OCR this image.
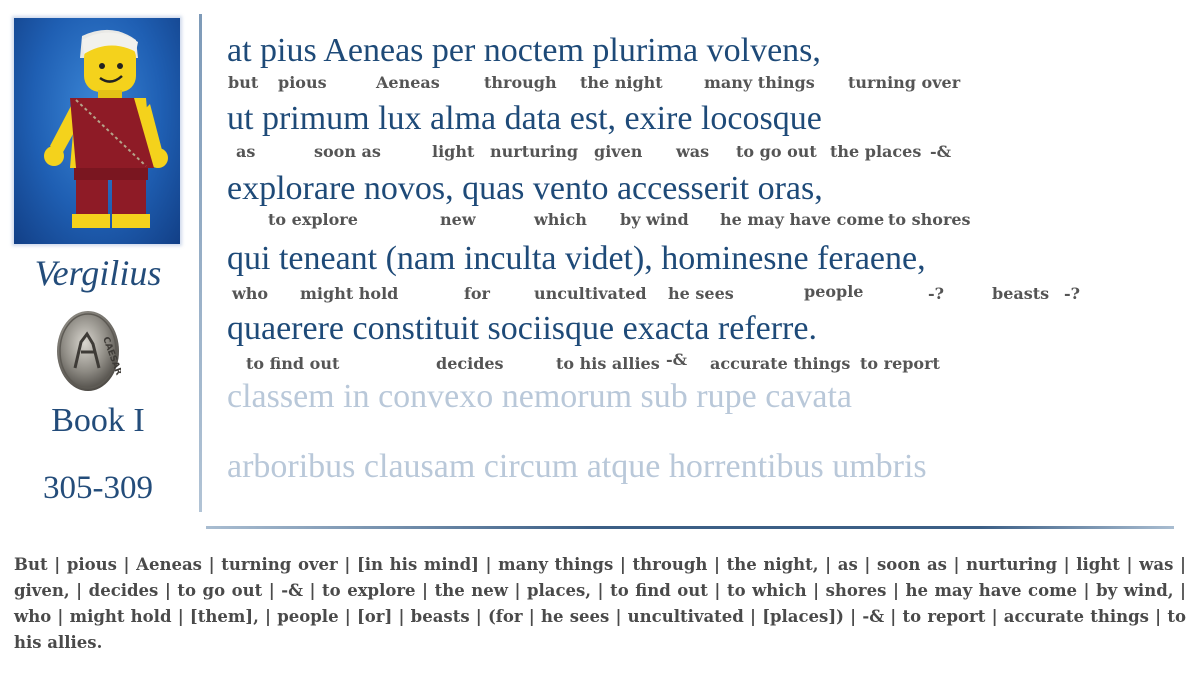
Vergilius
CAESAR
Book I
305-309
at pius Aeneas per noctem plurima volvens,
but pious	Aeneas	through the night	many things turning over
ut primum lux alma data est, exire locosque
as	soon as	light nurturing given was to go out the places -&
explorare novos, quas vento accesserit oras,
to explore	new	which by wind he may have come to shores
qui teneant (nam inculta videt), hominesne feraene,
who might hold	for	uncultivated he sees	people	-?	beasts -?
quaerere constituit sociisque exacta referre.
to find out	decides	to his allies -& accurate things to report
classem in convexo nemorum sub rupe cavata
arboribus clausam circum atque horrentibus umbris

But | pious | Aeneas | turning over | [in his mind] | many things | through | the night, | as | soon as | nurturing | light | was | given, | decides | to go out | -& | to explore | the new | places, | to find out | to which | shores | he may have come | by wind, | who | might hold | [them], | people | [or] | beasts | (for | he sees | uncultivated | [places]) | -& | to report | accurate things | to his allies.
